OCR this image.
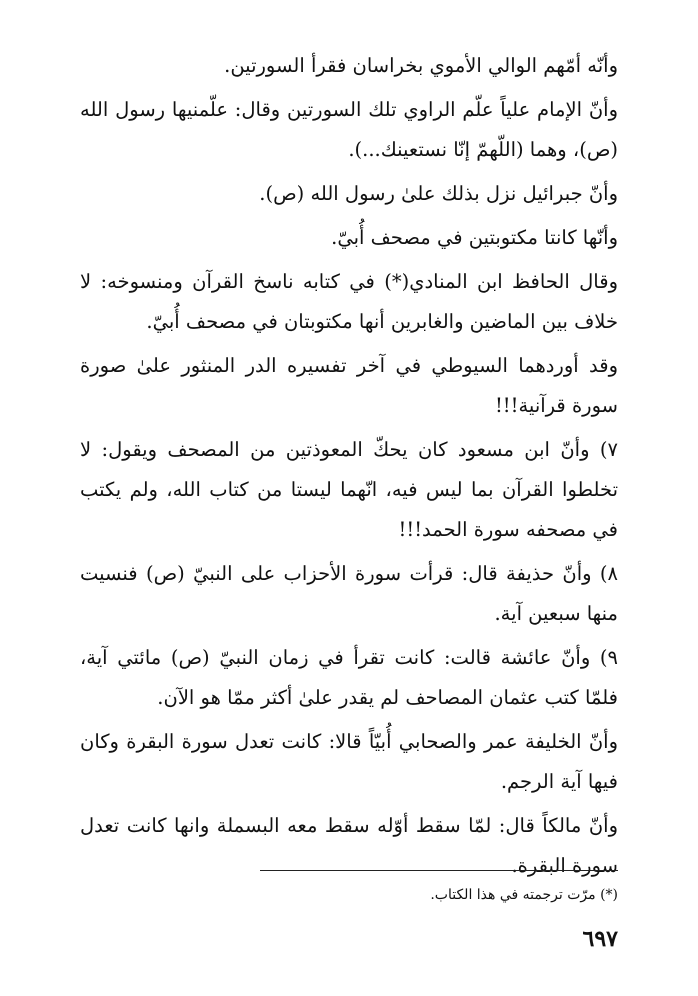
وأنّه أمّهم الوالي الأموي بخراسان فقرأ السورتين.

وأنّ الإمام علياً علّم الراوي تلك السورتين وقال: علّمنيها رسول الله (ص)، وهما (اللّهمّ إنّا نستعينك...).

وأنّ جبرائيل نزل بذلك علىٰ رسول الله (ص).

وأنّها كانتا مكتوبتين في مصحف أُبيّ.

وقال الحافظ ابن المنادي(*) في كتابه ناسخ القرآن ومنسوخه: لا خلاف بين الماضين والغابرين أنها مكتوبتان في مصحف أُبيّ.

وقد أوردهما السيوطي في آخر تفسيره الدر المنثور علىٰ صورة سورة قرآنية!!!

٧) وأنّ ابن مسعود كان يحكّ المعوذتين من المصحف ويقول: لا تخلطوا القرآن بما ليس فيه، انّهما ليستا من كتاب الله، ولم يكتب في مصحفه سورة الحمد!!!

٨) وأنّ حذيفة قال: قرأت سورة الأحزاب على النبيّ (ص) فنسيت منها سبعين آية.

٩) وأنّ عائشة قالت: كانت تقرأ في زمان النبيّ (ص) مائتي آية، فلمّا كتب عثمان المصاحف لم يقدر علىٰ أكثر ممّا هو الآن.

وأنّ الخليفة عمر والصحابي أُبيّاً قالا: كانت تعدل سورة البقرة وكان فيها آية الرجم.

وأنّ مالكاً قال: لمّا سقط أوّله سقط معه البسملة وانها كانت تعدل سورة البقرة.

(*) مرّت ترجمته في هذا الكتاب.
٦٩٧
